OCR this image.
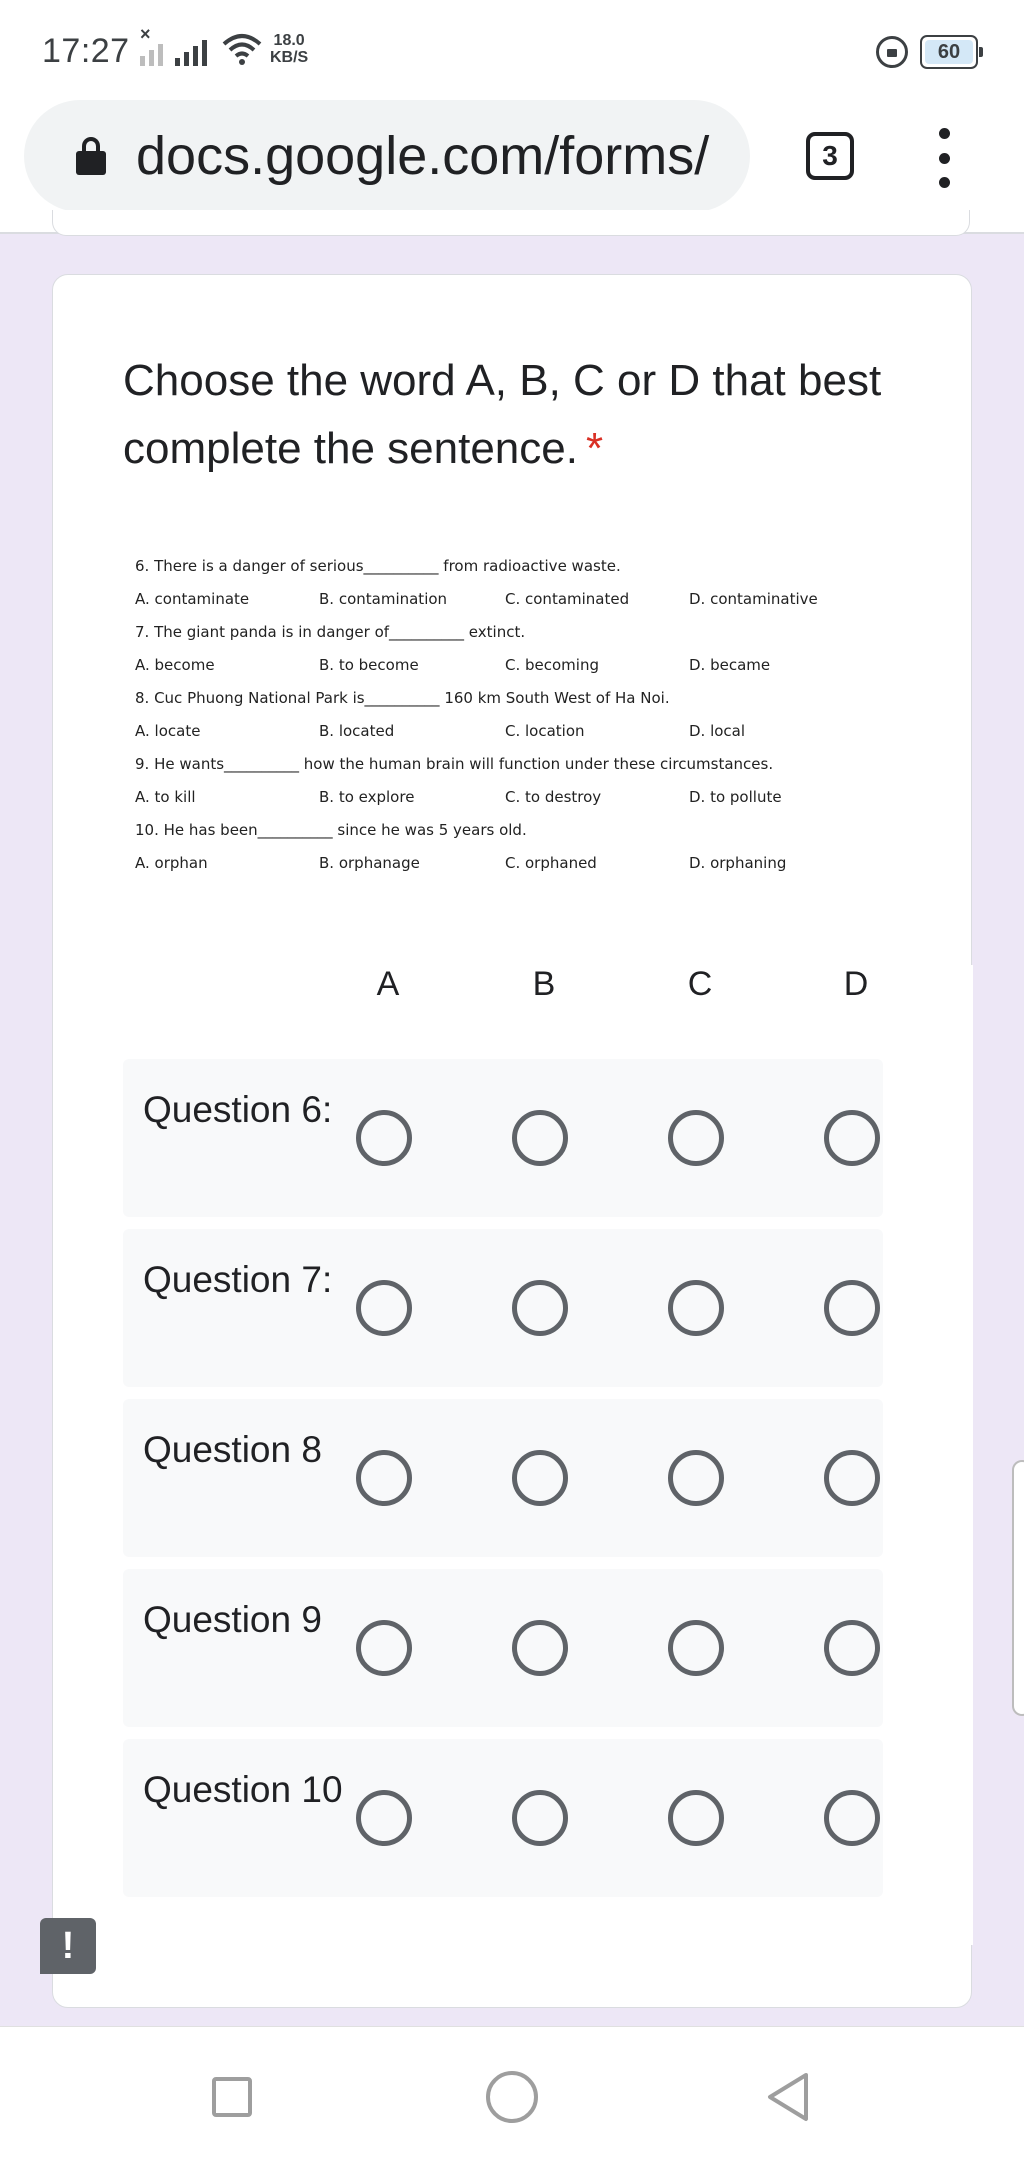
17:27 ×	18.0
KB/S	60
docs.google.com/forms/	3
Choose the word A, B, C or D that best complete the sentence. *
6. There is a danger of serious__________ from radioactive waste.
A. contaminate	B. contamination	C. contaminated	D. contaminative
7. The giant panda is in danger of__________ extinct.
A. become	B. to become	C. becoming	D. became
8. Cuc Phuong National Park is__________ 160 km South West of Ha Noi.
A. locate	B. located	C. location	D. local
9. He wants__________ how the human brain will function under these circumstances.
A. to kill	B. to explore	C. to destroy	D. to pollute
10. He has been__________ since he was 5 years old.
A. orphan	B. orphanage	C. orphaned	D. orphaning
A	B	C	D
Question 6:
Question 7:
Question 8
Question 9
Question 10
!
